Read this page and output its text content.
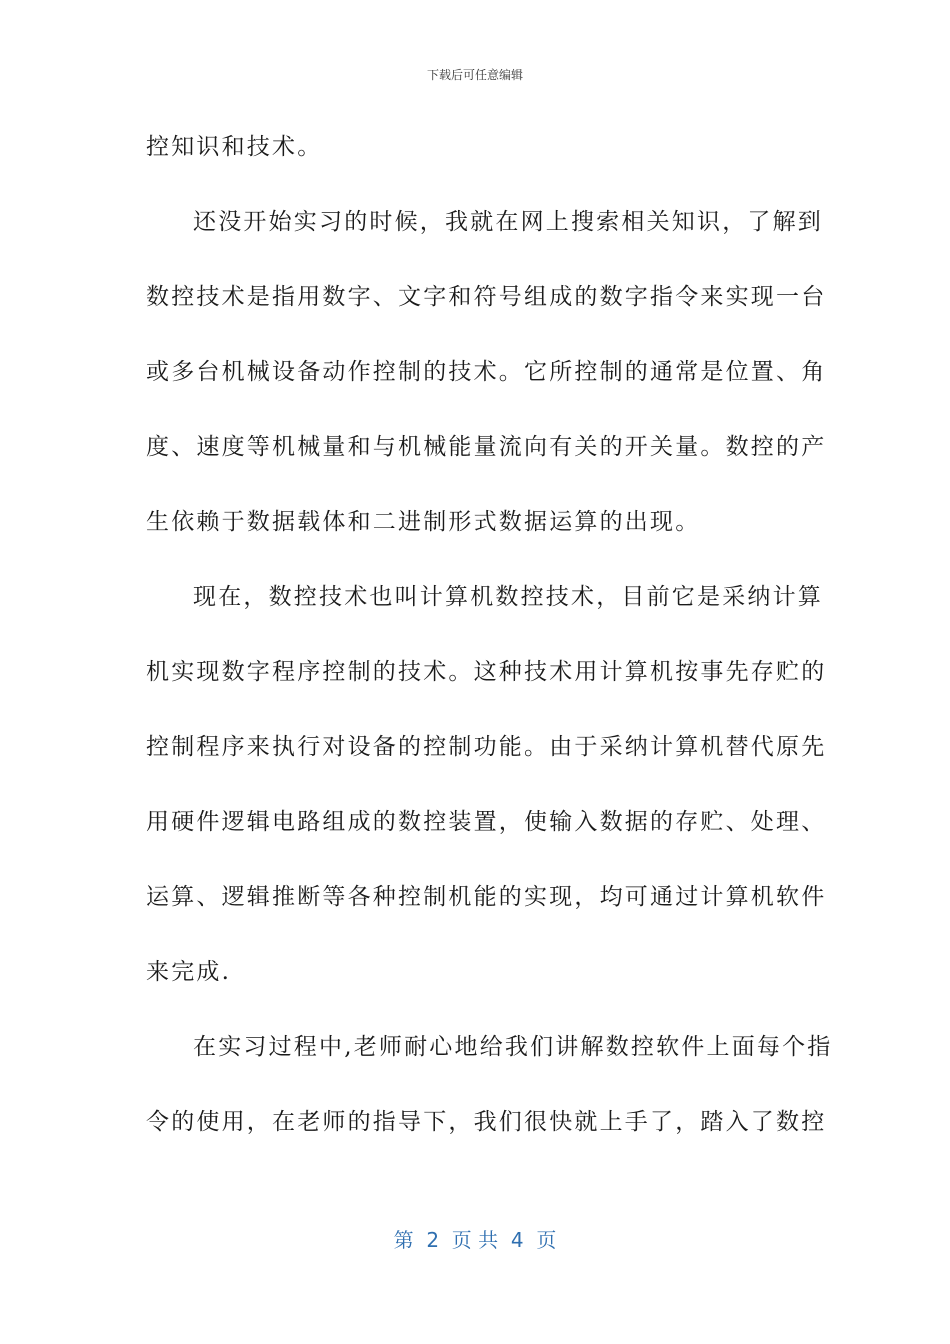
下载后可任意编辑
控知识和技术。
还没开始实习的时候，我就在网上搜索相关知识，了解到
数控技术是指用数字、文字和符号组成的数字指令来实现一台
或多台机械设备动作控制的技术。它所控制的通常是位置、角
度、速度等机械量和与机械能量流向有关的开关量。数控的产
生依赖于数据载体和二进制形式数据运算的出现。
现在，数控技术也叫计算机数控技术，目前它是采纳计算
机实现数字程序控制的技术。这种技术用计算机按事先存贮的
控制程序来执行对设备的控制功能。由于采纳计算机替代原先
用硬件逻辑电路组成的数控装置，使输入数据的存贮、处理、
运算、逻辑推断等各种控制机能的实现，均可通过计算机软件
来完成.
在实习过程中,老师耐心地给我们讲解数控软件上面每个指
令的使用，在老师的指导下，我们很快就上手了，踏入了数控
第  2  页 共  4  页
